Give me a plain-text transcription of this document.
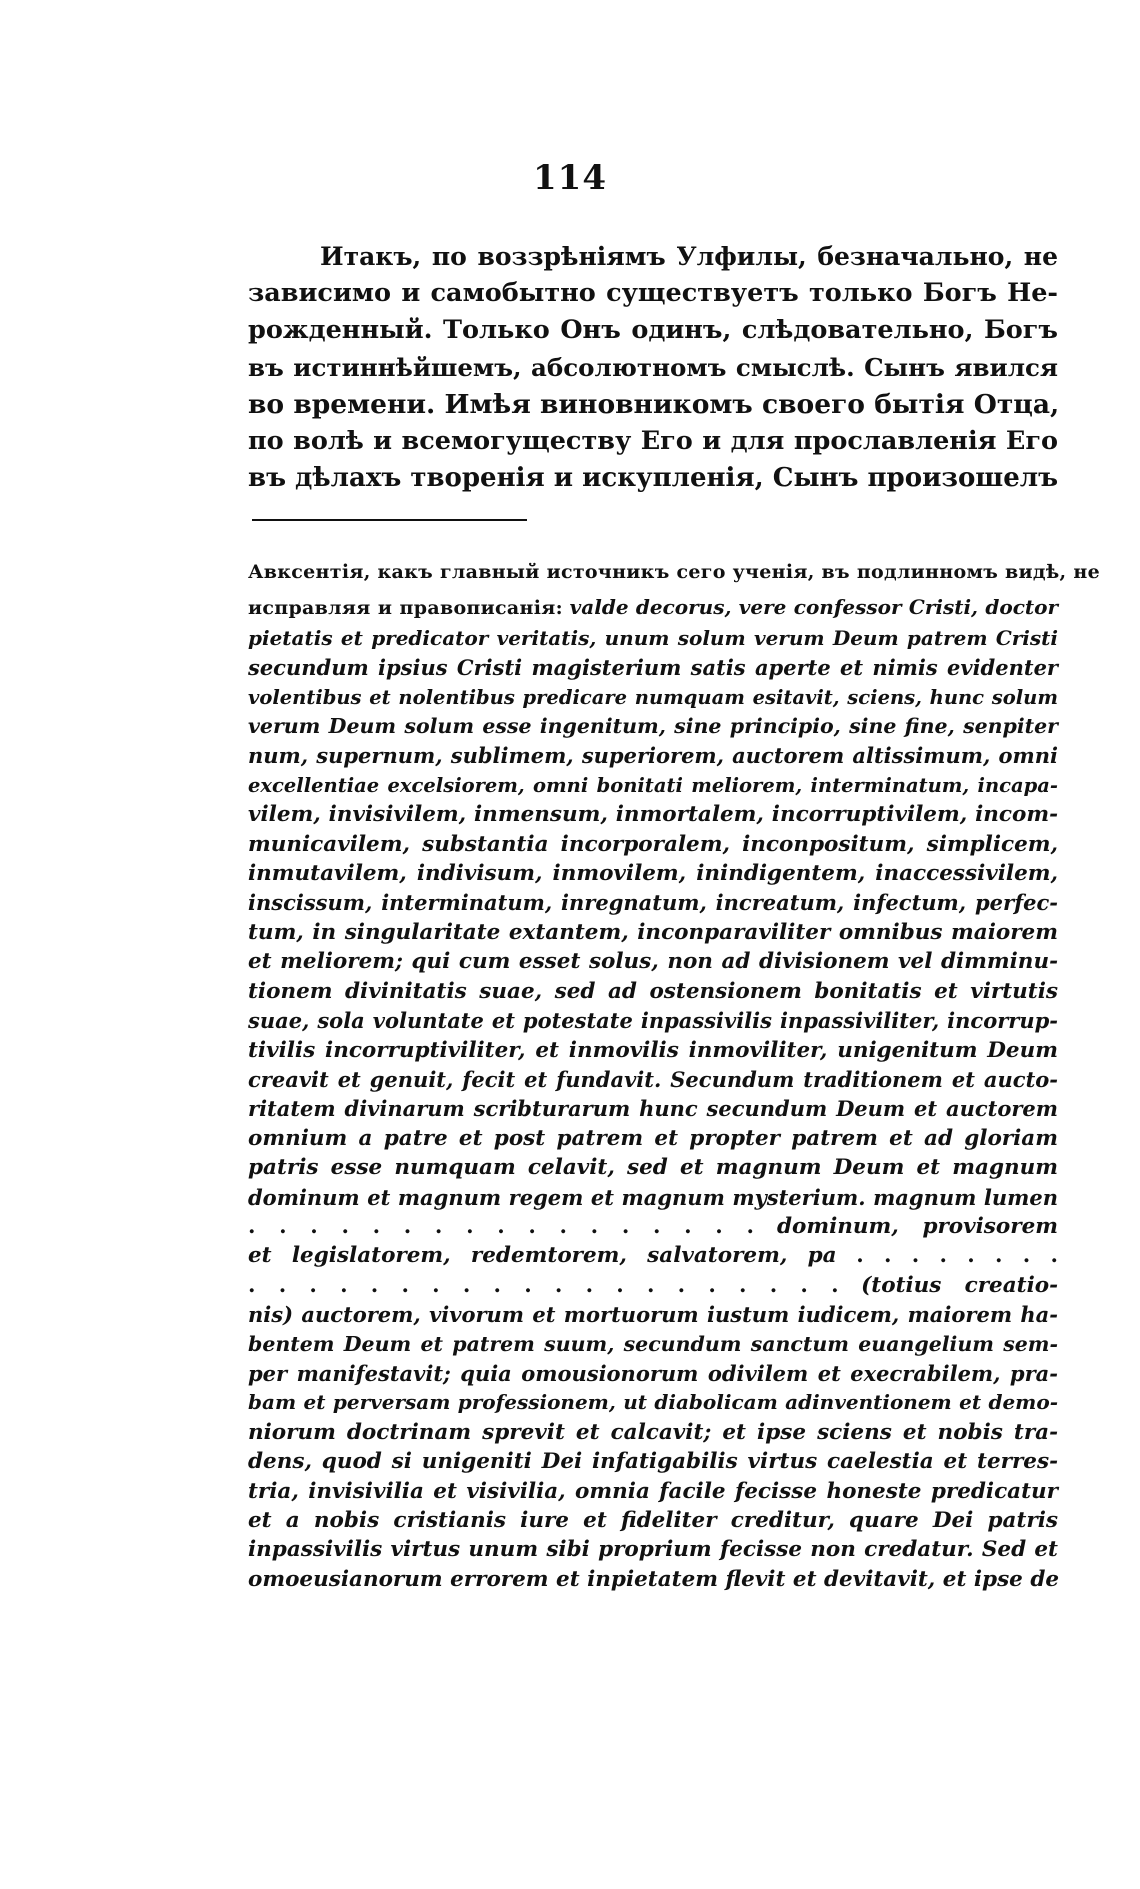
114
Итакъ, по воззрѣніямъ Улфилы, безначально, не
зависимо и самобытно существуетъ только Богъ Не-
рожденный. Только Онъ одинъ, слѣдовательно, Богъ
въ истиннѣйшемъ, абсолютномъ смыслѣ. Сынъ явился
во времени. Имѣя виновникомъ своего бытія Отца,
по волѣ и всемогуществу Его и для прославленія Его
въ дѣлахъ творенія и искупленія, Сынъ произошелъ
Авксентія, какъ главный источникъ сего ученія, въ подлинномъ видѣ, не
исправляя и правописанія: valde decorus, vere confessor Cristi, doctor
pietatis et predicator veritatis, unum solum verum Deum patrem Cristi
secundum ipsius Cristi magisterium satis aperte et nimis evidenter
volentibus et nolentibus predicare numquam esitavit, sciens, hunc solum
verum Deum solum esse ingenitum, sine principio, sine fine, senpiter
num, supernum, sublimem, superiorem, auctorem altissimum, omni
excellentiae excelsiorem, omni bonitati meliorem, interminatum, incapa-
vilem, invisivilem, inmensum, inmortalem, incorruptivilem, incom-
municavilem, substantia incorporalem, inconpositum, simplicem,
inmutavilem, indivisum, inmovilem, inindigentem, inaccessivilem,
inscissum, interminatum, inregnatum, increatum, infectum, perfec-
tum, in singularitate extantem, inconparaviliter omnibus maiorem
et meliorem; qui cum esset solus, non ad divisionem vel dimminu-
tionem divinitatis suae, sed ad ostensionem bonitatis et virtutis
suae, sola voluntate et potestate inpassivilis inpassiviliter, incorrup-
tivilis incorruptiviliter, et inmovilis inmoviliter, unigenitum Deum
creavit et genuit, fecit et fundavit. Secundum traditionem et aucto-
ritatem divinarum scribturarum hunc secundum Deum et auctorem
omnium a patre et post patrem et propter patrem et ad gloriam
patris esse numquam celavit, sed et magnum Deum et magnum
dominum et magnum regem et magnum mysterium. magnum lumen
. . . . . . . . . . . . . . . . . dominum, provisorem
et legislatorem, redemtorem, salvatorem, pa . . . . . . . .
. . . . . . . . . . . . . . . . . . . . (totius creatio-
nis) auctorem, vivorum et mortuorum iustum iudicem, maiorem ha-
bentem Deum et patrem suum, secundum sanctum euangelium sem-
per manifestavit; quia omousionorum odivilem et execrabilem, pra-
bam et perversam professionem, ut diabolicam adinventionem et demo-
niorum doctrinam sprevit et calcavit; et ipse sciens et nobis tra-
dens, quod si unigeniti Dei infatigabilis virtus caelestia et terres-
tria, invisivilia et visivilia, omnia facile fecisse honeste predicatur
et a nobis cristianis iure et fideliter creditur, quare Dei patris
inpassivilis virtus unum sibi proprium fecisse non credatur. Sed et
omoeusianorum errorem et inpietatem flevit et devitavit, et ipse de
